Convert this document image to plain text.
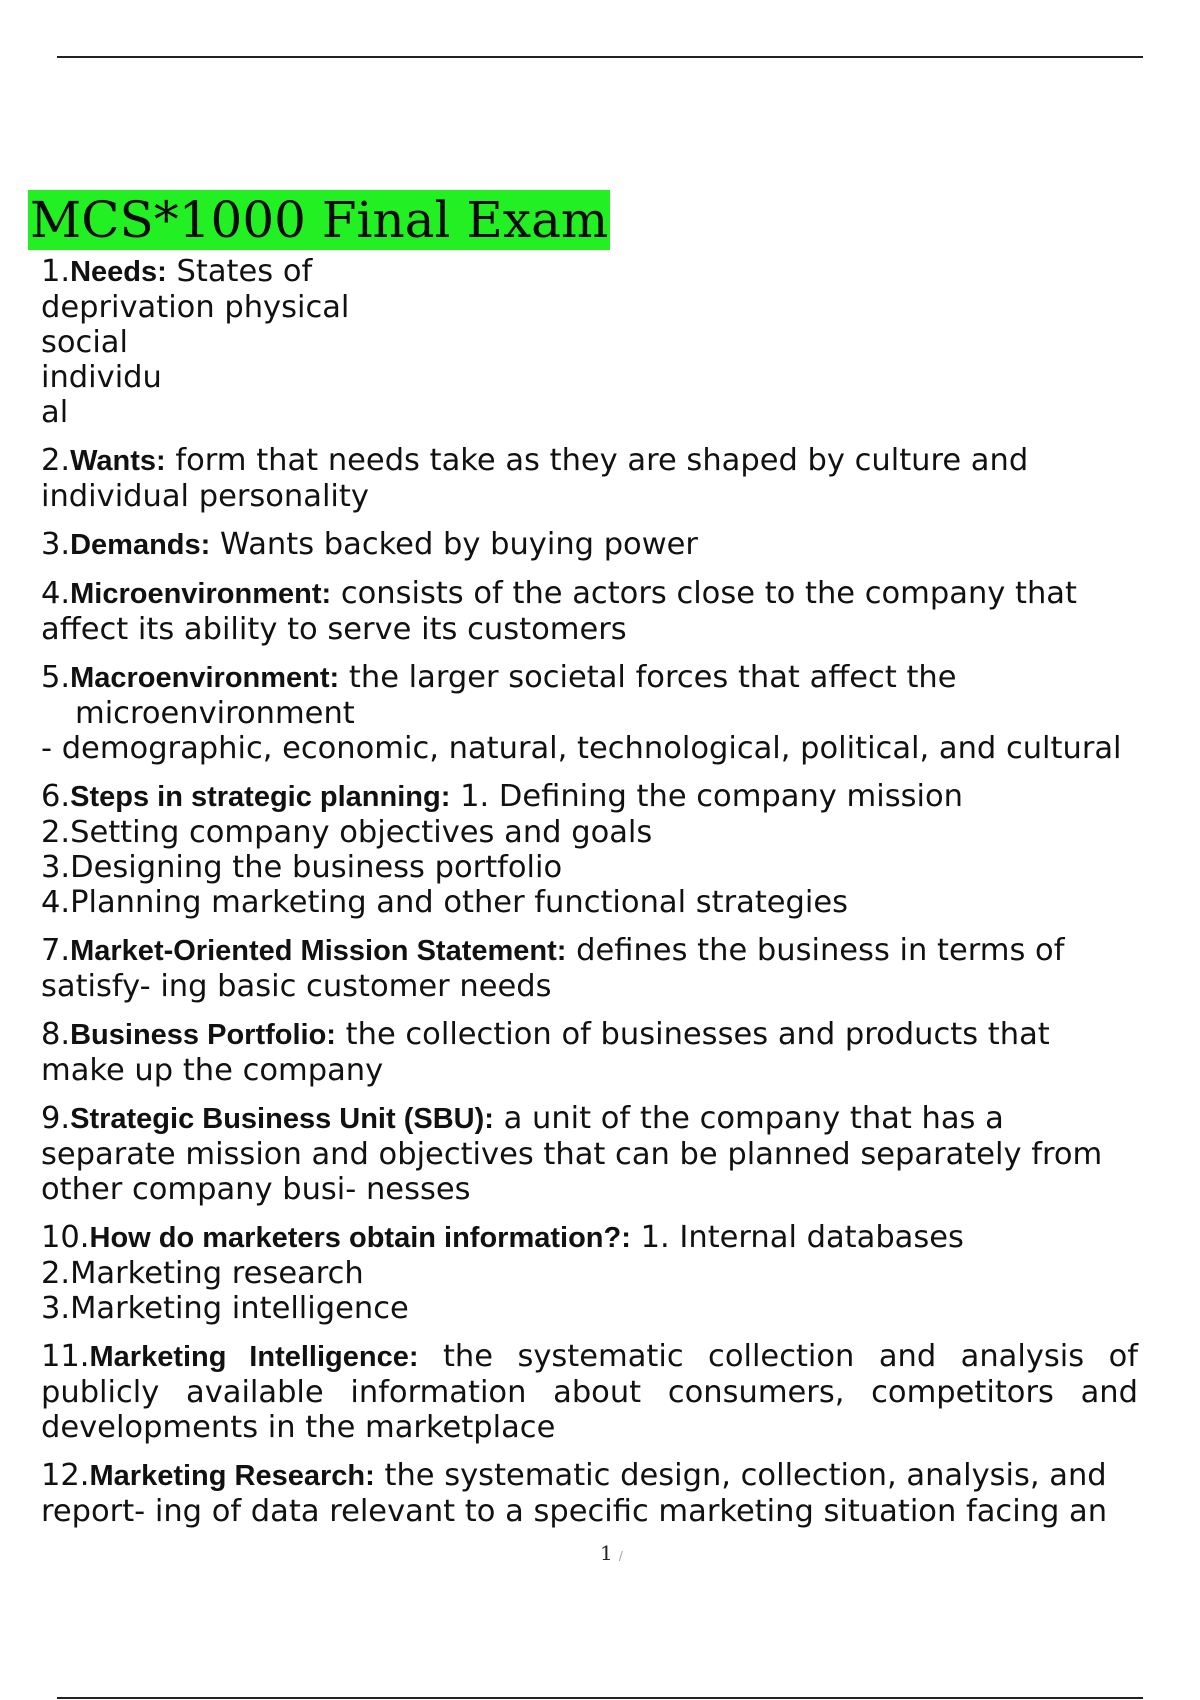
MCS*1000 Final Exam
1.Needs: States of
deprivation physical
social
individu
al
2.Wants: form that needs take as they are shaped by culture and
individual personality
3.Demands: Wants backed by buying power
4.Microenvironment: consists of the actors close to the company that
affect its ability to serve its customers
5.Macroenvironment: the larger societal forces that affect the
microenvironment
- demographic, economic, natural, technological, political, and cultural
6.Steps in strategic planning: 1. Defining the company mission
2.Setting company objectives and goals
3.Designing the business portfolio
4.Planning marketing and other functional strategies
7.Market-Oriented Mission Statement: defines the business in terms of
satisfy- ing basic customer needs
8.Business Portfolio: the collection of businesses and products that
make up the company
9.Strategic Business Unit (SBU): a unit of the company that has a
separate mission and objectives that can be planned separately from
other company busi- nesses
10.How do marketers obtain information?: 1. Internal databases
2.Marketing research
3.Marketing intelligence
11.Marketing Intelligence: the systematic collection and analysis of
publicly available information about consumers, competitors and
developments in the marketplace
12.Marketing Research: the systematic design, collection, analysis, and
report- ing of data relevant to a specific marketing situation facing an
1 /
